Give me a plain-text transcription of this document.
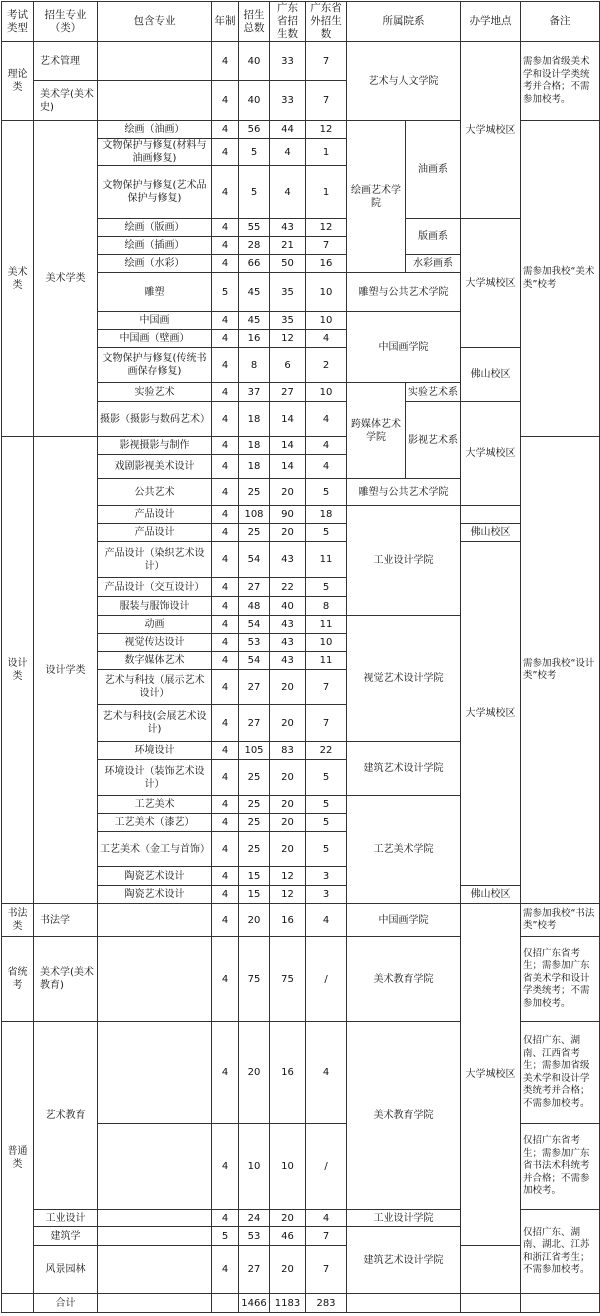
考试类型	招生专业（类）	包含专业	年制	招生总数	广东省招生数	广东省外招生数	所属院系		办学地点	备注	
理论类	艺术管理		4	40	33	7	艺术与人文学院		大学城校区	需参加省级美术学和设计学类统考并合格；不需参加校考。	
	美术学(美术史)		4	40	33	7					
美术类	美术学类	绘画（油画）	4	56	44	12	绘画艺术学院	油画系		需参加我校“美术类”校考	
		文物保护与修复(材料与油画修复)	4	5	4	1					
		文物保护与修复(艺术品保护与修复)	4	5	4	1	
		绘画（版画）	4	55	43	12		版画系	大学城校区		
		绘画（插画）	4	28	21	7					
		绘画（水彩）	4	66	50	16		水彩画系			
		雕塑	5	45	35	10	雕塑与公共艺术学院				
		中国画	4	45	35	10	中国画学院				
		中国画（壁画）	4	16	12	4					
		文物保护与修复(传统书画保存修复)	4	8	6	2			佛山校区		
		实验艺术	4	37	27	10	跨媒体艺术学院	实验艺术系			
		摄影（摄影与数码艺术）	4	18	14	4		影视艺术系	大学城校区		
设计类	设计学类	影视摄影与制作	4	18	14	4				需参加我校“设计类”校考	
		戏剧影视美术设计	4	18	14	4					
		公共艺术	4	25	20	5	雕塑与公共艺术学院				
		产品设计	4	108	90	18	工业设计学院				
		产品设计	4	25	20	5			佛山校区		
		产品设计（染织艺术设计）	4	54	43	11			大学城校区		
		产品设计（交互设计）	4	27	22	5					
		服装与服饰设计	4	48	40	8					
		动画	4	54	43	11	视觉艺术设计学院				
		视觉传达设计	4	53	43	10					
		数字媒体艺术	4	54	43	11					
		艺术与科技（展示艺术设计）	4	27	20	7					
		艺术与科技(会展艺术设计)	4	27	20	7					
		环境设计	4	105	83	22	建筑艺术设计学院				
		环境设计（装饰艺术设计）	4	25	20	5					
		工艺美术	4	25	20	5	工艺美术学院				
		工艺美术（漆艺）	4	25	20	5					
		工艺美术（金工与首饰）	4	25	20	5					
		陶瓷艺术设计	4	15	12	3					
		陶瓷艺术设计	4	15	12	3			佛山校区		
书法类	书法学		4	20	16	4	中国画学院		大学城校区	需参加我校“书法类”校考	
省统考	美术学(美术教育)		4	75	75	/	美术教育学院			仅招广东省考生；需参加广东省美术学和设计学类统考；不需参加校考。	
普通类	艺术教育		4	20	16	4	美术教育学院			仅招广东、湖南、江西省考生；需参加省级美术学和设计学类统考并合格；不需参加校考。	
			4	10	10	/				仅招广东省考生；需参加广东省书法术科统考并合格；不需参加校考。	
	工业设计		4	24	20	4	工业设计学院			仅招广东、湖南、湖北、江苏和浙江省考生；不需参加校考。	
	建筑学		5	53	46	7	建筑艺术设计学院				
	风景园林		4	27	20	7					
	合计			1466	1183	283					
